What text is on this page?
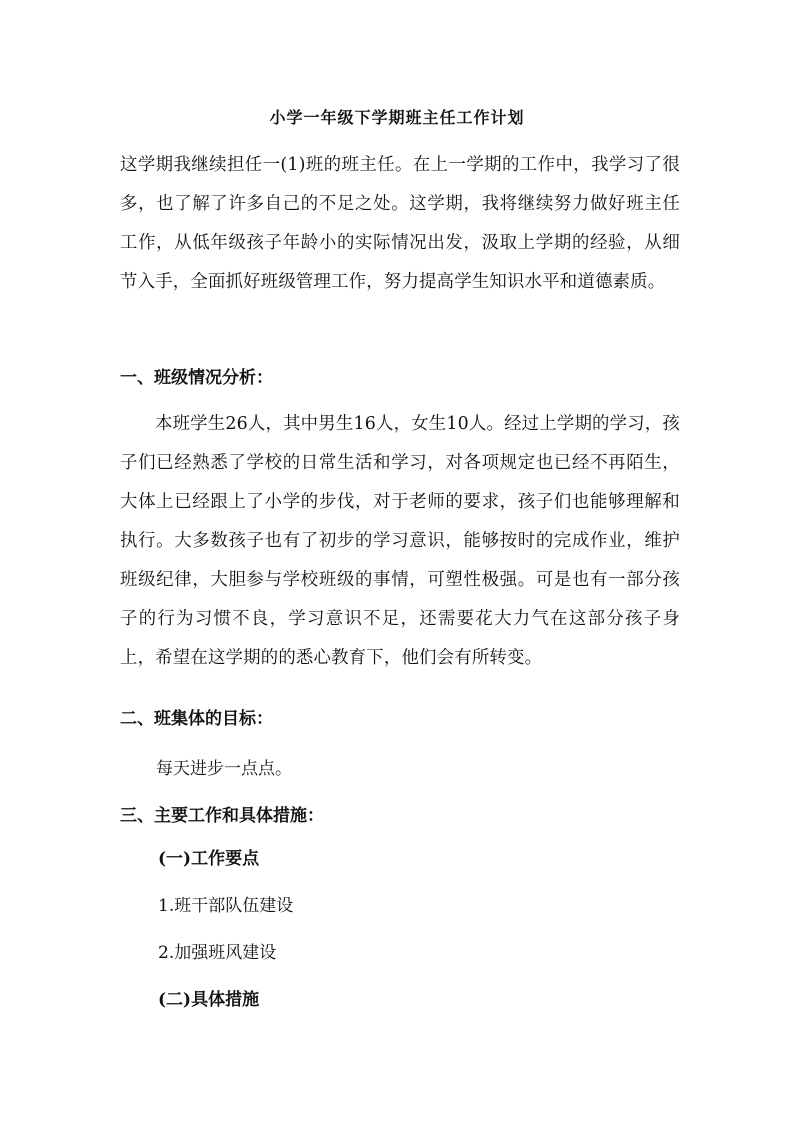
小学一年级下学期班主任工作计划
这学期我继续担任一(1)班的班主任。在上一学期的工作中，我学习了很多，也了解了许多自己的不足之处。这学期，我将继续努力做好班主任工作，从低年级孩子年龄小的实际情况出发，汲取上学期的经验，从细节入手，全面抓好班级管理工作，努力提高学生知识水平和道德素质。
一、班级情况分析：
本班学生26人，其中男生16人，女生10人。经过上学期的学习，孩子们已经熟悉了学校的日常生活和学习，对各项规定也已经不再陌生，大体上已经跟上了小学的步伐，对于老师的要求，孩子们也能够理解和执行。大多数孩子也有了初步的学习意识，能够按时的完成作业，维护班级纪律，大胆参与学校班级的事情，可塑性极强。可是也有一部分孩子的行为习惯不良，学习意识不足，还需要花大力气在这部分孩子身上，希望在这学期的的悉心教育下，他们会有所转变。
二、班集体的目标：
每天进步一点点。
三、主要工作和具体措施：
(一)工作要点
1.班干部队伍建设
2.加强班风建设
(二)具体措施
